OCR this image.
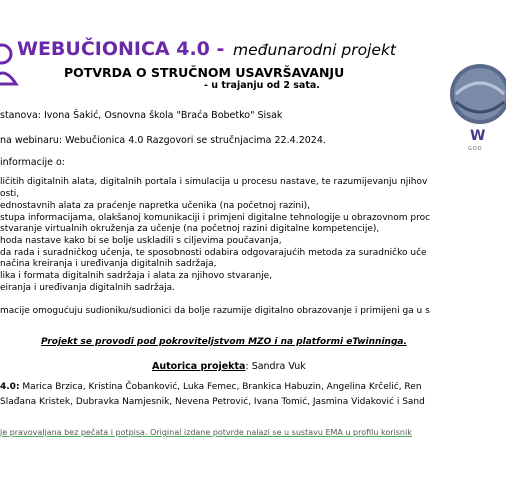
W
GOD
WEBUČIONICA 4.0 - međunarodni projekt
POTVRDA O STRUČNOM USAVRŠAVANJU
- u trajanju od 2 sata.
stanova: Ivona Šakić, Osnovna škola "Braća Bobetko" Sisak
na webinaru: Webučionica 4.0 Razgovori se stručnjacima 22.4.2024.
informacije o:
ličitih digitalnih alata, digitalnih portala i simulacija u procesu nastave, te razumijevanju njihov
osti,
ednostavnih alata za praćenje napretka učenika (na početnoj razini),
stupa informacijama, olakšanoj komunikaciji i primjeni digitalne tehnologije u obrazovnom proc
stvaranje virtualnih okruženja za učenje (na početnoj razini digitalne kompetencije),
hoda nastave kako bi se bolje uskladili s ciljevima poučavanja,
da rada i suradničkog učenja, te sposobnosti odabira odgovarajućih metoda za suradničko uče
načina kreiranja i uređivanja digitalnih sadržaja,
lika i formata digitalnih sadržaja i alata za njihovo stvaranje,
eiranja i uređivanja digitalnih sadržaja.
macije omogućuju sudioniku/sudionici da bolje razumije digitalno obrazovanje i primijeni ga u s
Projekt se provodi pod pokroviteljstvom MZO i na platformi eTwinninga.
Autorica projekta: Sandra Vuk
4.0: Marica Brzica, Kristina Čobanković, Luka Femec, Brankica Habuzin, Angelina Krčelić, Ren
Slađana Kristek, Dubravka Namjesnik, Nevena Petrović, Ivana Tomić, Jasmina Vidaković i Sand
je pravovaljana bez pečata i potpisa. Original izdane potvrde nalazi se u sustavu EMA u profilu korisnik
